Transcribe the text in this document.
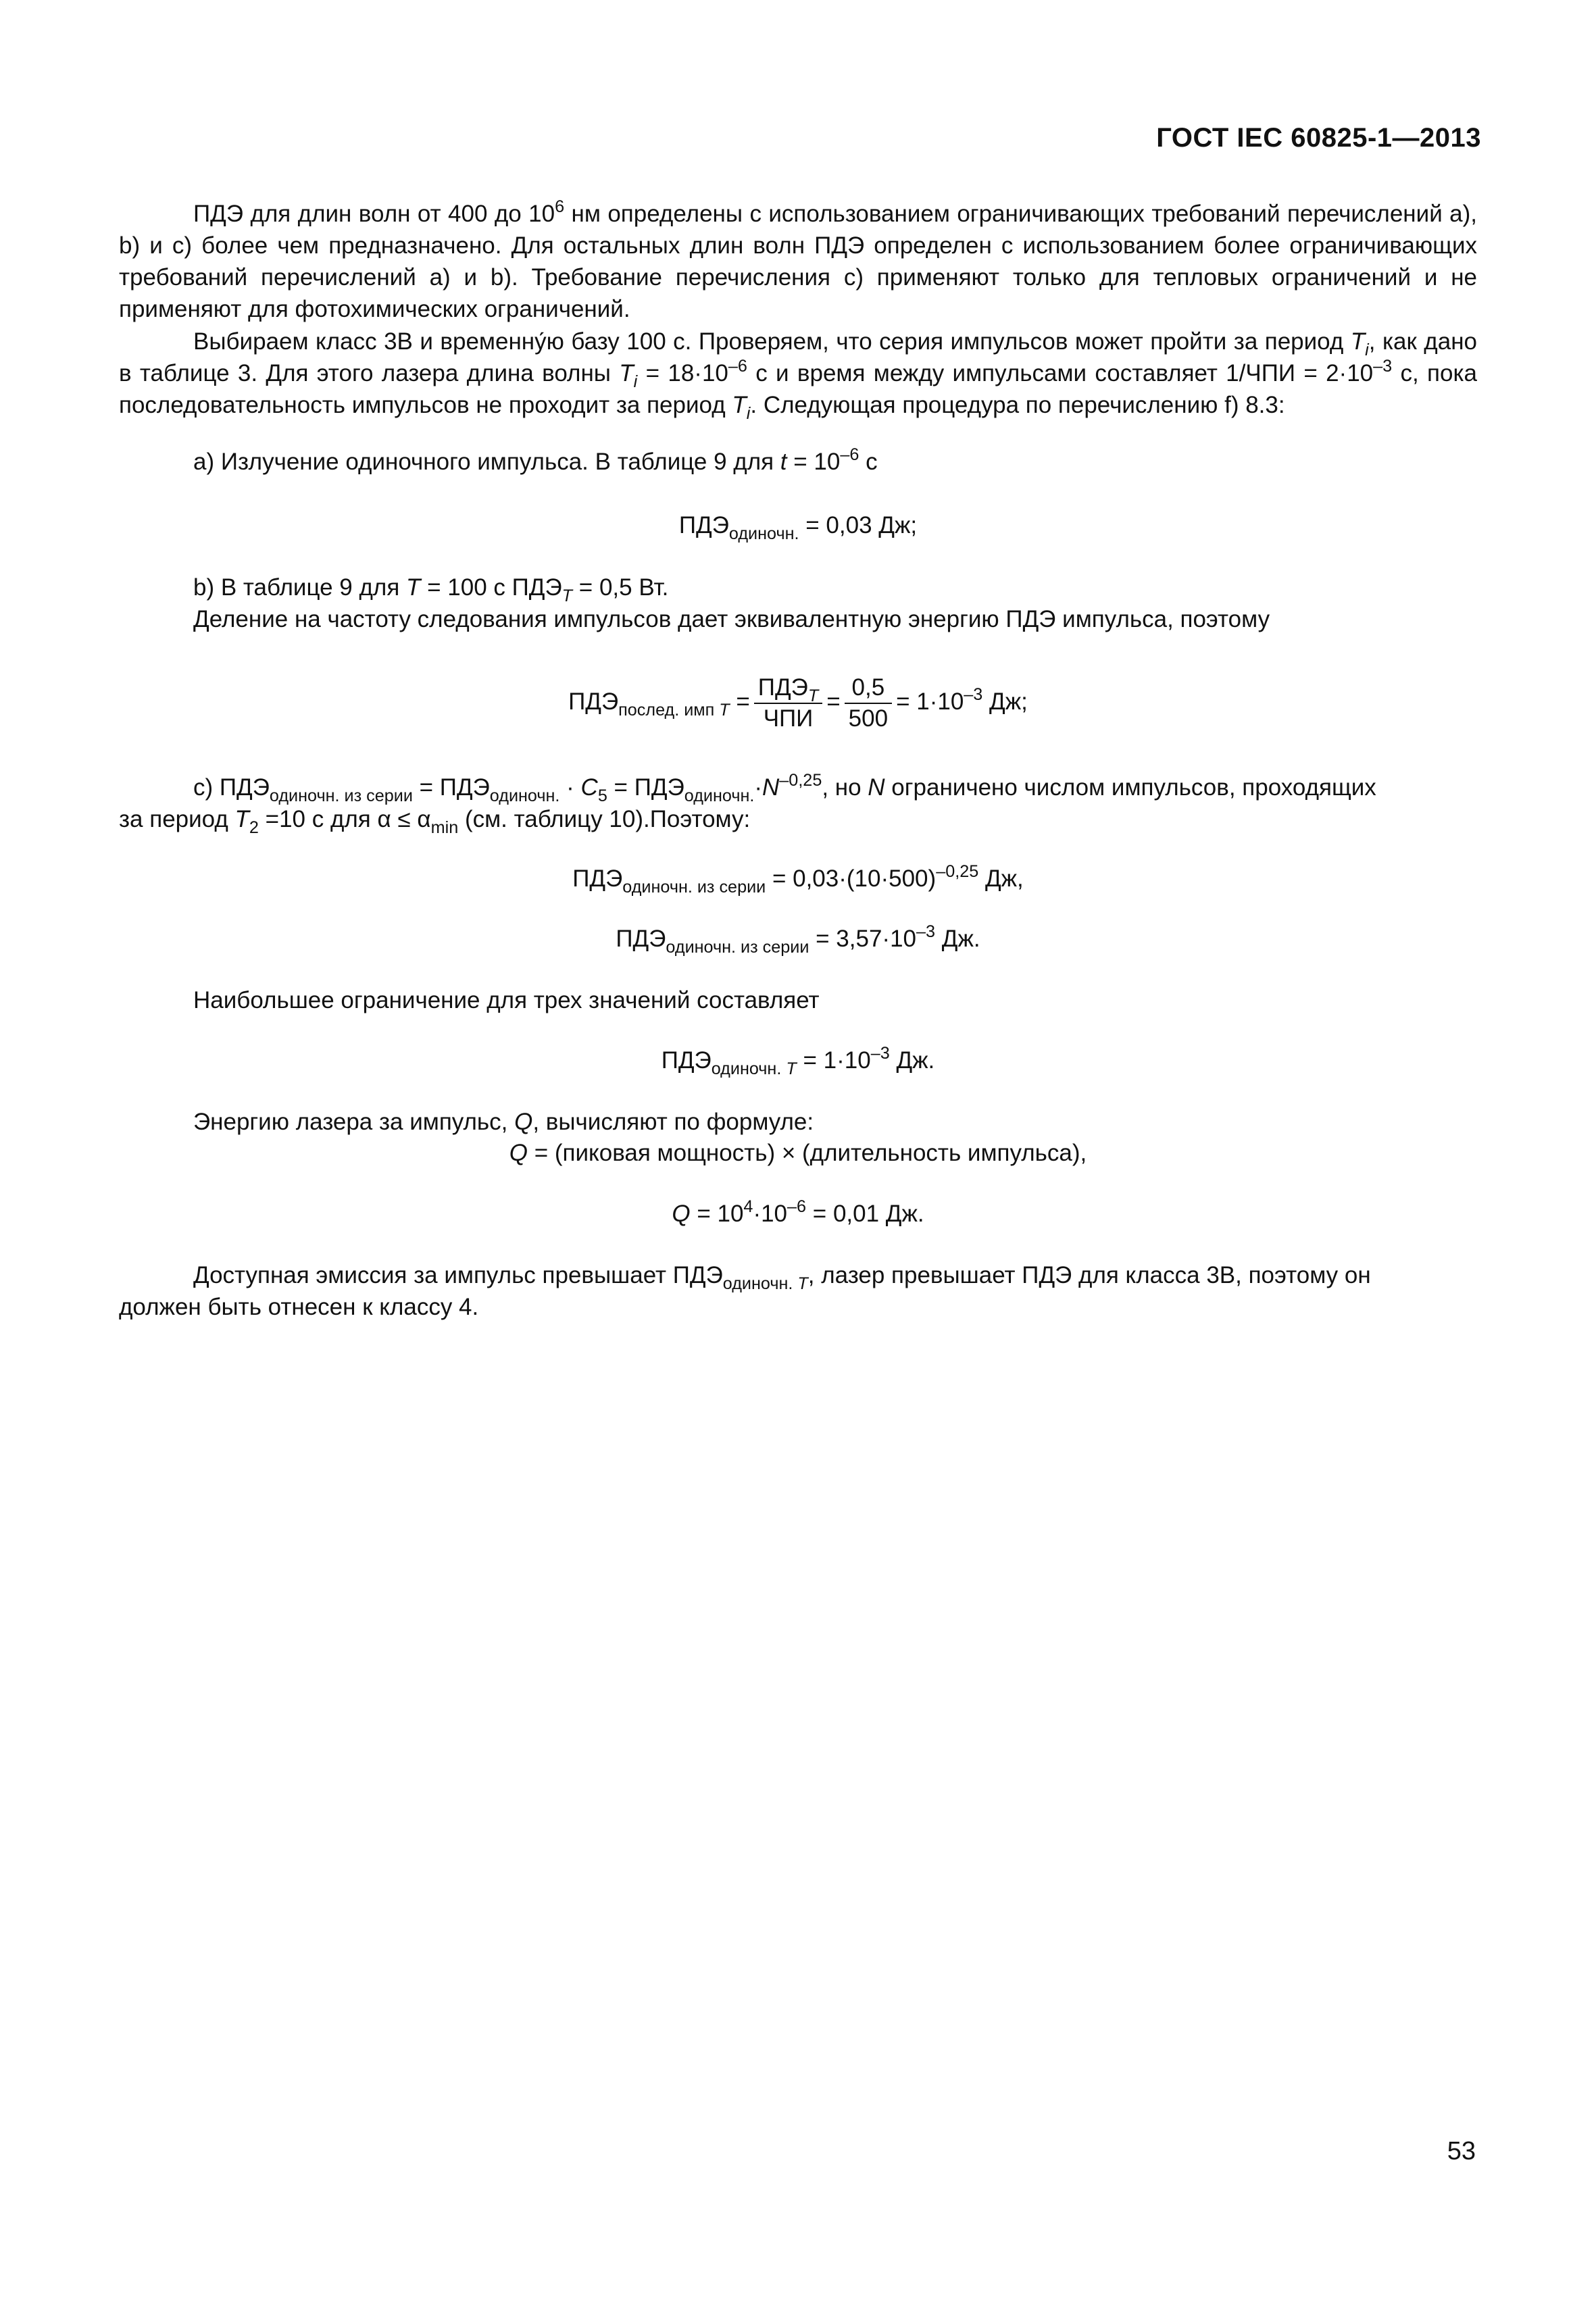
ГОСТ IEC 60825-1—2013
ПДЭ для длин волн от 400 до $10^6$ нм определены с использованием ограничивающих требований перечислений а), b) и с) более чем предназначено. Для остальных длин волн ПДЭ определен с использованием более ограничивающих требований перечислений а) и b). Требование перечисления с) применяют только для тепловых ограничений и не применяют для фотохимических ограничений.
Выбираем класс 3В и временну́ю базу 100 с. Проверяем, что серия импульсов может пройти за период $T_i$, как дано в таблице 3. Для этого лазера длина волны $T_i = 18\cdot 10^{-6}$ с и время между импульсами составляет $1/ЧПИ = 2\cdot 10^{-3}$ с, пока последовательность импульсов не проходит за период $T_i$. Следующая процедура по перечислению f) 8.3:
а) Излучение одиночного импульса. В таблице 9 для $t = 10^{-6}$ с
$ПДЭ_{одиночн.} = 0,03$ Дж;
b) В таблице 9 для T = 100 с $ПДЭ_T = 0,5$ Вт.
Деление на частоту следования импульсов дает эквивалентную энергию ПДЭ импульса, поэтому
$ПДЭ_{послед. имп T} = \frac{ПДЭ_T}{\text{ЧПИ}} = \frac{0,5}{500} = 1\cdot 10^{-3}$ Дж;
с) $ПДЭ_{одиночн. из серии} = ПДЭ_{одиночн.} \cdot C_5 = ПДЭ_{одиночн.}\cdot N^{-0,25}$, но N ограничено числом импульсов, проходящих
за период $T_2 =10$ с для $\alpha \le \alpha_{min}$ (см. таблицу 10).Поэтому:
$ПДЭ_{одиночн. из серии} = 0,03\cdot(10\cdot 500)^{-0,25}$ Дж,
$ПДЭ_{одиночн. из серии} = 3,57\cdot 10^{-3}$ Дж.
Наибольшее ограничение для трех значений составляет
$ПДЭ_{одиночн. T} = 1\cdot 10^{-3}$ Дж.
Энергию лазера за импульс, Q, вычисляют по формуле:
Q = (пиковая мощность) × (длительность импульса),
$Q = 10^4\cdot 10^{-6} = 0,01$ Дж.
Доступная эмиссия за импульс превышает $ПДЭ_{одиночн. T}$, лазер превышает ПДЭ для класса 3В, поэтому он
должен быть отнесен к классу 4.
53
